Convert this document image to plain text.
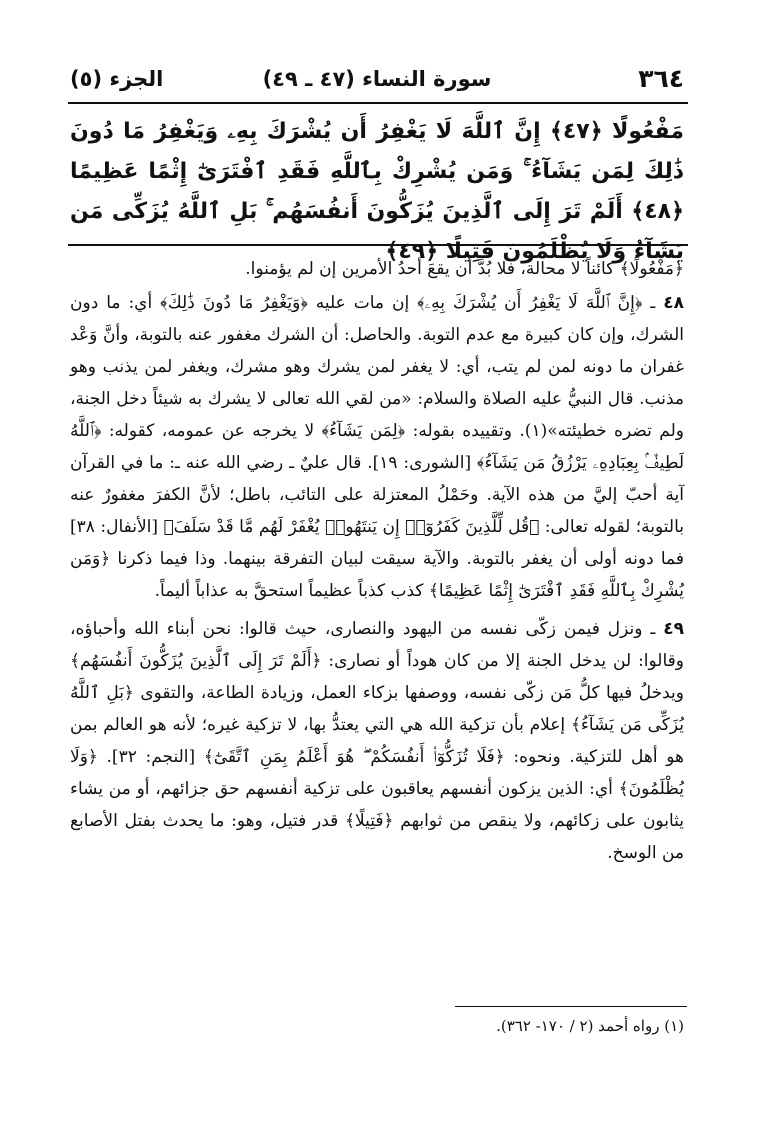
٣٦٤
سورة النساء (٤٧ ـ ٤٩)
الجزء (٥)
مَفْعُولًا ﴿٤٧﴾ إِنَّ ٱللَّهَ لَا يَغْفِرُ أَن يُشْرَكَ بِهِۦ وَيَغْفِرُ مَا دُونَ ذَٰلِكَ لِمَن يَشَآءُ ۚ وَمَن يُشْرِكْ بِٱللَّهِ فَقَدِ ٱفْتَرَىٰٓ إِثْمًا عَظِيمًا ﴿٤٨﴾ أَلَمْ تَرَ إِلَى ٱلَّذِينَ يُزَكُّونَ أَنفُسَهُم ۚ بَلِ ٱللَّهُ يُزَكِّى مَن يَشَآءُ وَلَا يُظْلَمُونَ فَتِيلًا ﴿٤٩﴾

﴿مَفْعُولًا﴾ كائناً لا محالة، فلا بُدَّ أن يقعَ أحدُ الأمرين إن لم يؤمنوا.

٤٨ ـ ﴿إِنَّ ٱللَّهَ لَا يَغْفِرُ أَن يُشْرَكَ بِهِۦ﴾ إن مات عليه ﴿وَيَغْفِرُ مَا دُونَ ذَٰلِكَ﴾ أي: ما دون الشرك، وإن كان كبيرة مع عدم التوبة. والحاصل: أن الشرك مغفور عنه بالتوبة، وأنَّ وَعْد غفران ما دونه لمن لم يتب، أي: لا يغفر لمن يشرك وهو مشرك، ويغفر لمن يذنب وهو مذنب. قال النبيُّ عليه الصلاة والسلام: «من لقي الله تعالى لا يشرك به شيئاً دخل الجنة، ولم تضره خطيئته»(١). وتقييده بقوله: ﴿لِمَن يَشَآءُ﴾ لا يخرجه عن عمومه، كقوله: ﴿ٱللَّهُ لَطِيفٌۢ بِعِبَادِهِۦ يَرْزُقُ مَن يَشَآءُ﴾ [الشورى: ١٩]. قال عليٌ ـ رضي الله عنه ـ: ما في القرآن آية أحبّ إليَّ من هذه الآية. وحَمْلُ المعتزلة على التائب، باطل؛ لأنَّ الكفرَ مغفورٌ عنه بالتوبة؛ لقوله تعالى: ﴿قُل لِّلَّذِينَ كَفَرُوٓا۟ إِن يَنتَهُوا۟ يُغْفَرْ لَهُم مَّا قَدْ سَلَفَ﴾ [الأنفال: ٣٨] فما دونه أولى أن يغفر بالتوبة. والآية سيقت لبيان التفرقة بينهما. وذا فيما ذكرنا ﴿وَمَن يُشْرِكْ بِٱللَّهِ فَقَدِ ٱفْتَرَىٰٓ إِثْمًا عَظِيمًا﴾ كذب كذباً عظيماً استحقَّ به عذاباً أليماً.

٤٩ ـ ونزل فيمن زكّى نفسه من اليهود والنصارى، حيث قالوا: نحن أبناء الله وأحباؤه، وقالوا: لن يدخل الجنة إلا من كان هوداً أو نصارى: ﴿أَلَمْ تَرَ إِلَى ٱلَّذِينَ يُزَكُّونَ أَنفُسَهُم﴾ ويدخلُ فيها كلُّ مَن زكّى نفسه، ووصفها بزكاء العمل، وزيادة الطاعة، والتقوى ﴿بَلِ ٱللَّهُ يُزَكِّى مَن يَشَآءُ﴾ إعلام بأن تزكية الله هي التي يعتدُّ بها، لا تزكية غيره؛ لأنه هو العالم بمن هو أهل للتزكية. ونحوه: ﴿فَلَا تُزَكُّوٓا۟ أَنفُسَكُمْ ۖ هُوَ أَعْلَمُ بِمَنِ ٱتَّقَىٰٓ﴾ [النجم: ٣٢]. ﴿وَلَا يُظْلَمُونَ﴾ أي: الذين يزكون أنفسهم يعاقبون على تزكية أنفسهم حق جزائهم، أو من يشاء يثابون على زكائهم، ولا ينقص من ثوابهم ﴿فَتِيلًا﴾ قدر فتيل، وهو: ما يحدث بفتل الأصابع من الوسخ.

(١) رواه أحمد (٢ / ١٧٠- ٣٦٢).
